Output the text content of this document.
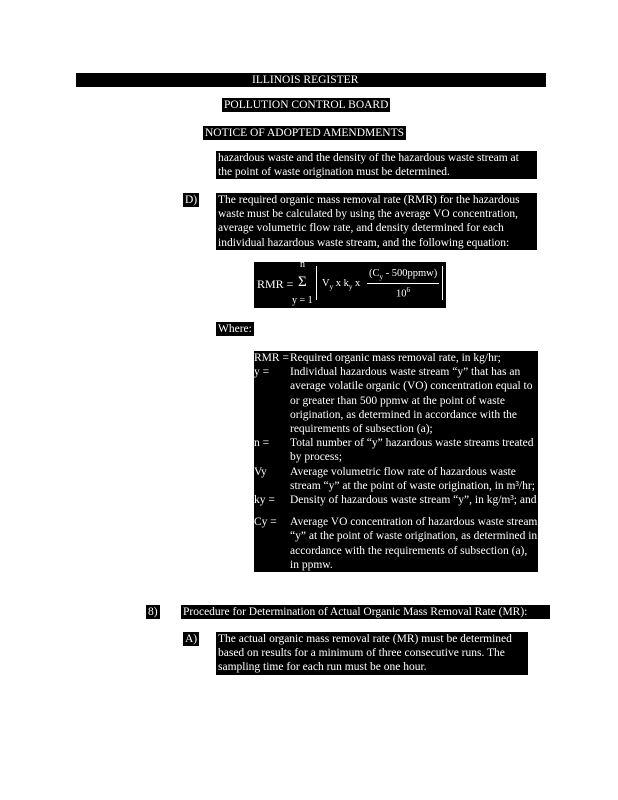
ILLINOIS REGISTER
POLLUTION CONTROL BOARD
NOTICE OF ADOPTED AMENDMENTS
hazardous waste and the density of the hazardous waste stream at the point of waste origination must be determined.
D) The required organic mass removal rate (RMR) for the hazardous waste must be calculated by using the average VO concentration, average volumetric flow rate, and density determined for each individual hazardous waste stream, and the following equation:
n
RMR = Σ
y = 1
$V_y$ x $k_y$ x
($C_y$ - 500ppmw)
$10^6$
Where:
RMR = Required organic mass removal rate, in kg/hr;
y =	Individual hazardous waste stream “y” that has an average volatile organic (VO) concentration equal to or greater than 500 ppmw at the point of waste origination, as determined in accordance with the requirements of subsection (a);
n =	Total number of “y” hazardous waste streams treated by process;
Vy	Average volumetric flow rate of hazardous waste stream “y” at the point of waste origination, in m³/hr;
ky =	Density of hazardous waste stream “y”, in kg/m³; and
Cy =	Average VO concentration of hazardous waste stream “y” at the point of waste origination, as determined in accordance with the requirements of subsection (a), in ppmw.
8) Procedure for Determination of Actual Organic Mass Removal Rate (MR):
A) The actual organic mass removal rate (MR) must be determined based on results for a minimum of three consecutive runs. The sampling time for each run must be one hour.
